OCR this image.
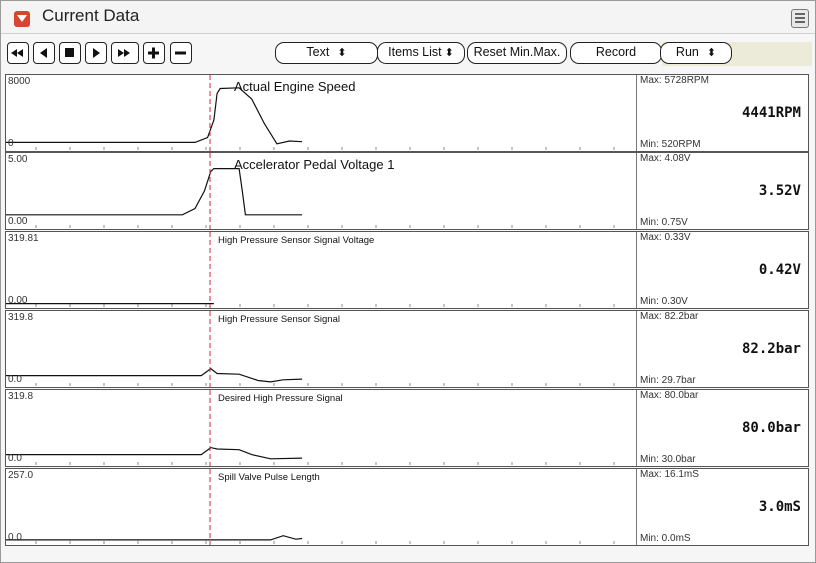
Current Data
Text ⬍	Items List ⬍	Reset Min.Max.	Record	Run ⬍
8000
0
Actual Engine Speed	Max: 5728RPM
4441RPM
Min: 520RPM
5.00
0.00
Accelerator Pedal Voltage 1	Max: 4.08V
3.52V
Min: 0.75V
319.81
0.00
High Pressure Sensor Signal Voltage	Max: 0.33V
0.42V
Min: 0.30V
319.8
0.0
High Pressure Sensor Signal	Max: 82.2bar
82.2bar
Min: 29.7bar
319.8
0.0
Desired High Pressure Signal	Max: 80.0bar
80.0bar
Min: 30.0bar
257.0
0.0
Spill Valve Pulse Length	Max: 16.1mS
3.0mS
Min: 0.0mS
